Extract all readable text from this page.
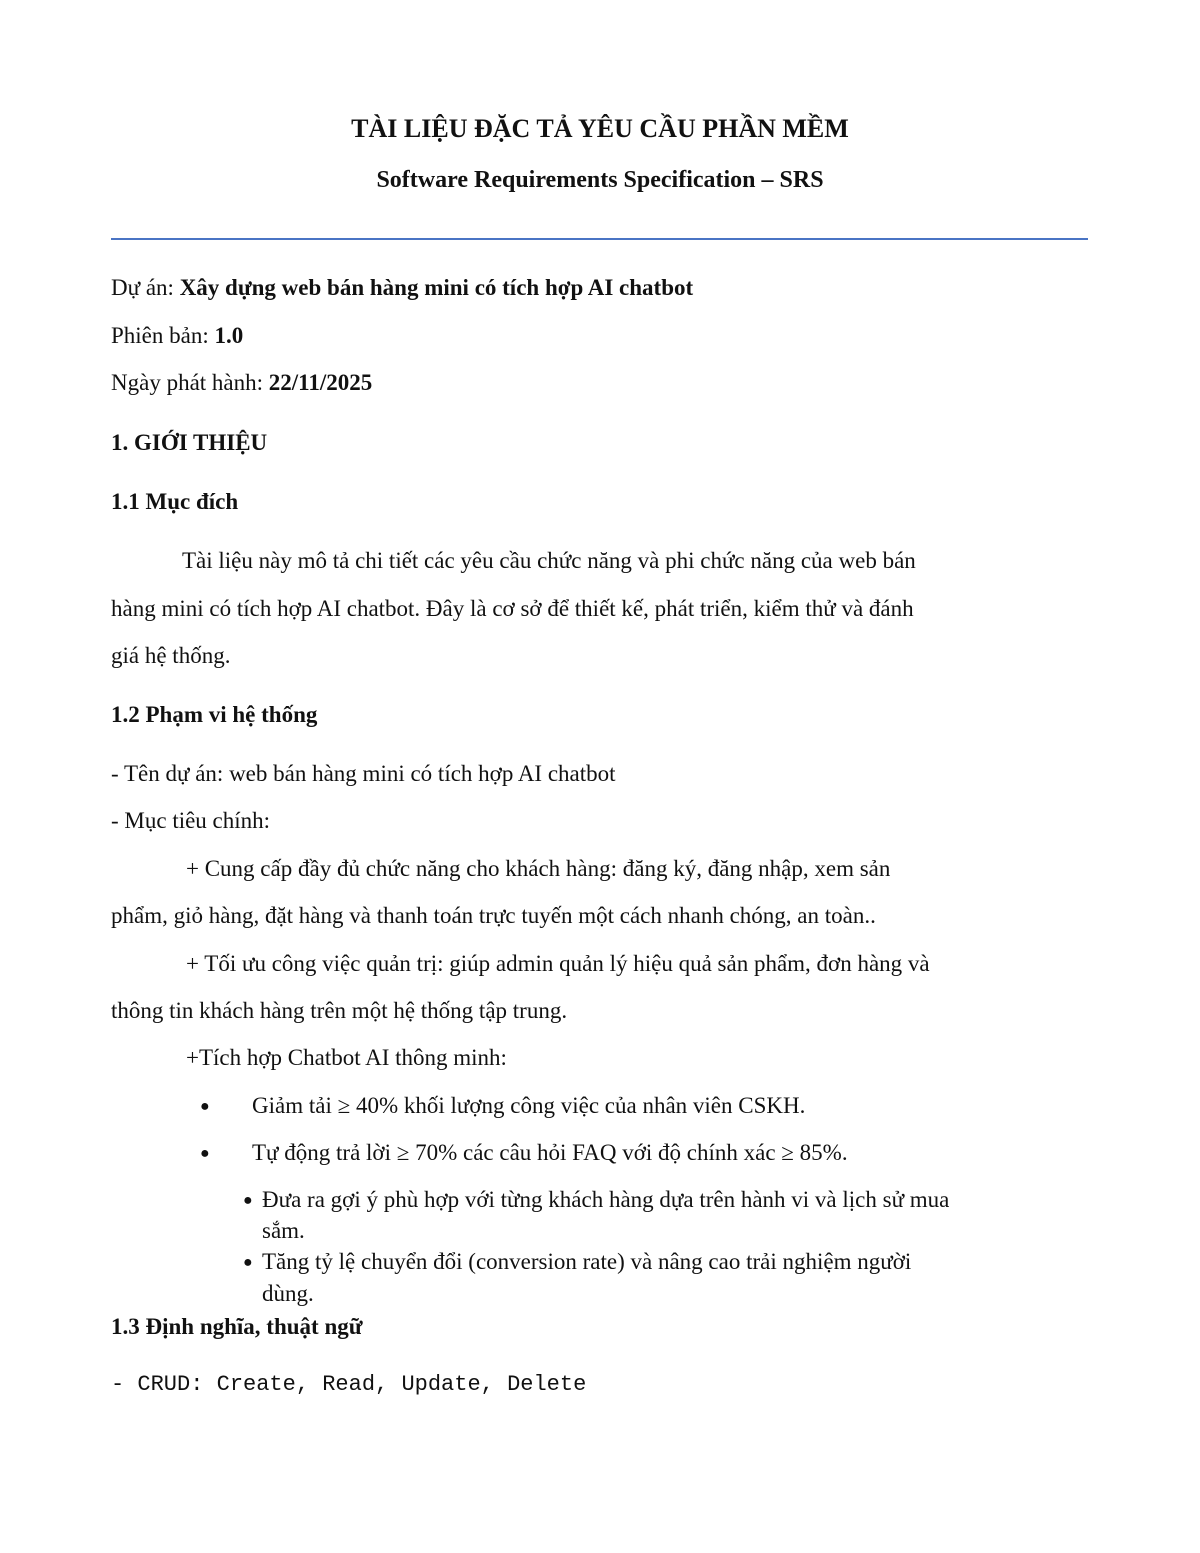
TÀI LIỆU ĐẶC TẢ YÊU CẦU PHẦN MỀM
Software Requirements Specification – SRS
Dự án: Xây dựng web bán hàng mini có tích hợp AI chatbot
Phiên bản: 1.0
Ngày phát hành: 22/11/2025
1. GIỚI THIỆU
1.1 Mục đích
Tài liệu này mô tả chi tiết các yêu cầu chức năng và phi chức năng của web bán
hàng mini có tích hợp AI chatbot. Đây là cơ sở để thiết kế, phát triển, kiểm thử và đánh
giá hệ thống.
1.2 Phạm vi hệ thống
- Tên dự án: web bán hàng mini có tích hợp AI chatbot
- Mục tiêu chính:
+ Cung cấp đầy đủ chức năng cho khách hàng: đăng ký, đăng nhập, xem sản
phẩm, giỏ hàng, đặt hàng và thanh toán trực tuyến một cách nhanh chóng, an toàn..
+ Tối ưu công việc quản trị: giúp admin quản lý hiệu quả sản phẩm, đơn hàng và
thông tin khách hàng trên một hệ thống tập trung.
+Tích hợp Chatbot AI thông minh:
● Giảm tải ≥ 40% khối lượng công việc của nhân viên CSKH.
● Tự động trả lời ≥ 70% các câu hỏi FAQ với độ chính xác ≥ 85%.
● Đưa ra gợi ý phù hợp với từng khách hàng dựa trên hành vi và lịch sử mua
sắm.
● Tăng tỷ lệ chuyển đổi (conversion rate) và nâng cao trải nghiệm người
dùng.
1.3 Định nghĩa, thuật ngữ
- CRUD: Create, Read, Update, Delete
